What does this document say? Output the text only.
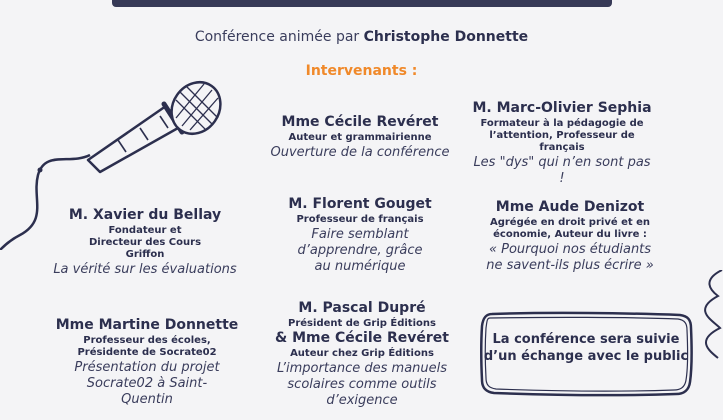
Conférence animée par Christophe Donnette
Intervenants :
Mme Cécile Revéret
Auteur et grammairienne
Ouverture de la conférence
M. Marc-Olivier Sephia
Formateur à la pédagogie de l’attention, Professeur de français
Les "dys" qui n’en sont pas !
M. Xavier du Bellay
Fondateur et Directeur des Cours Griffon
La vérité sur les évaluations
M. Florent Gouget
Professeur de français
Faire semblant d’apprendre, grâce au numérique
Mme Aude Denizot
Agrégée en droit privé et en économie, Auteur du livre :
« Pourquoi nos étudiants ne savent-ils plus écrire »
Mme Martine Donnette
Professeur des écoles, Présidente de Socrate02
Présentation du projet Socrate02 à Saint-Quentin
M. Pascal Dupré
Président de Grip Éditions
& Mme Cécile Revéret
Auteur chez Grip Éditions
L’importance des manuels scolaires comme outils d’exigence
La conférence sera suivie d’un échange avec le public
